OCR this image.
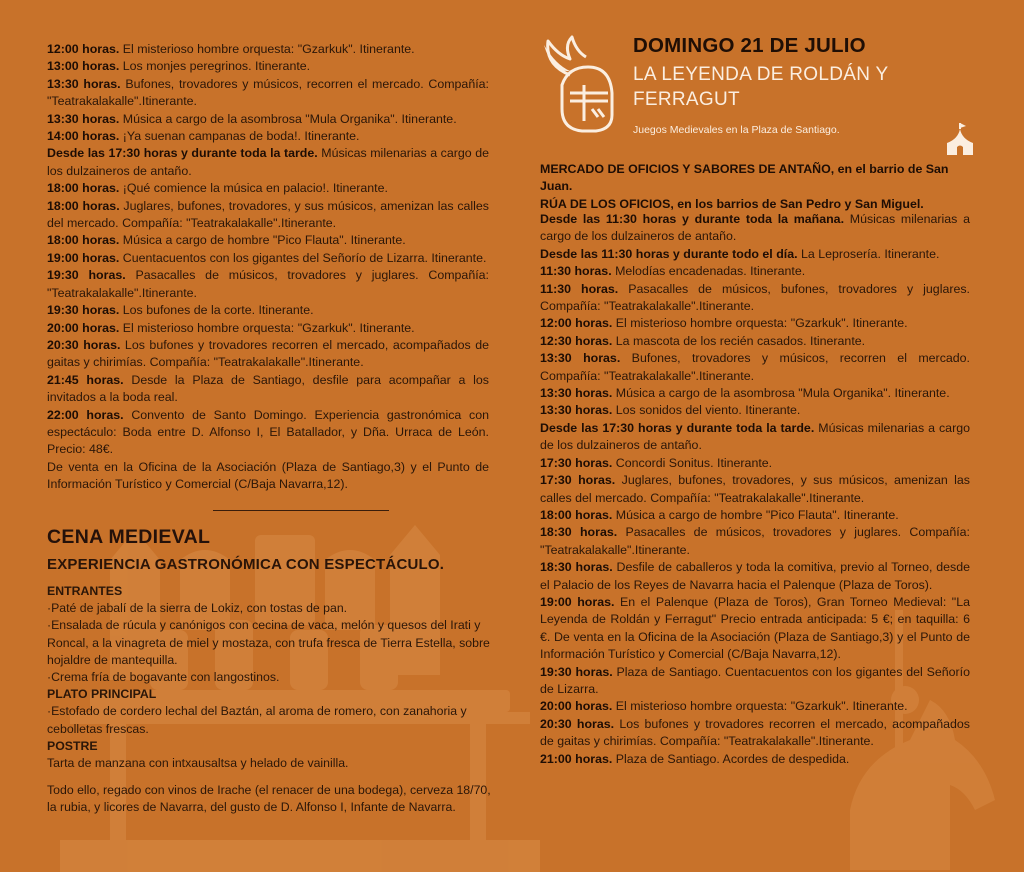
12:00 horas. El misterioso hombre orquesta: "Gzarkuk". Itinerante.

13:00 horas. Los monjes peregrinos. Itinerante.

13:30 horas. Bufones, trovadores y músicos, recorren el mercado. Compañía: "Teatrakalakalle".Itinerante.

13:30 horas. Música a cargo de la asombrosa "Mula Organika". Itinerante.

14:00 horas. ¡Ya suenan campanas de boda!. Itinerante.

Desde las 17:30 horas y durante toda la tarde. Músicas milenarias a cargo de los dulzaineros de antaño.

18:00 horas. ¡Qué comience la música en palacio!. Itinerante.

18:00 horas. Juglares, bufones, trovadores, y sus músicos, amenizan las calles del mercado. Compañía: "Teatrakalakalle".Itinerante.

18:00 horas. Música a cargo de hombre "Pico Flauta". Itinerante.

19:00 horas. Cuentacuentos con los gigantes del Señorío de Lizarra. Itinerante.

19:30 horas. Pasacalles de músicos, trovadores y juglares. Compañía: "Teatrakalakalle".Itinerante.

19:30 horas. Los bufones de la corte. Itinerante.

20:00 horas. El misterioso hombre orquesta: "Gzarkuk". Itinerante.

20:30 horas. Los bufones y trovadores recorren el mercado, acompañados de gaitas y chirimías. Compañía: "Teatrakalakalle".Itinerante.

21:45 horas. Desde la Plaza de Santiago, desfile para acompañar a los invitados a la boda real.

22:00 horas. Convento de Santo Domingo. Experiencia gastronómica con espectáculo: Boda entre D. Alfonso I, El Batallador, y Dña. Urraca de León. Precio: 48€.

De venta en la Oficina de la Asociación (Plaza de Santiago,3) y el Punto de Información Turístico y Comercial (C/Baja Navarra,12).

CENA MEDIEVAL
EXPERIENCIA GASTRONÓMICA CON ESPECTÁCULO.

ENTRANTES

·Paté de jabalí de la sierra de Lokiz, con tostas de pan.

·Ensalada de rúcula y canónigos con cecina de vaca, melón y quesos del Irati y Roncal, a la vinagreta de miel y mostaza, con trufa fresca de Tierra Estella, sobre hojaldre de mantequilla.

·Crema fría de bogavante con langostinos.

PLATO PRINCIPAL

·Estofado de cordero lechal del Baztán, al aroma de romero, con zanahoria y cebolletas frescas.

POSTRE

Tarta de manzana con intxausaltsa y helado de vainilla.

Todo ello, regado con vinos de Irache (el renacer de una bodega), cerveza 18/70, la rubia, y licores de Navarra, del gusto de D. Alfonso I, Infante de Navarra.

DOMINGO 21 DE JULIO

LA LEYENDA DE ROLDÁN Y FERRAGUT

Juegos Medievales en la Plaza de Santiago.

MERCADO DE OFICIOS Y SABORES DE ANTAÑO, en el barrio de San Juan.

RÚA DE LOS OFICIOS, en los barrios de San Pedro y San Miguel.

Desde las 11:30 horas y durante toda la mañana. Músicas milenarias a cargo de los dulzaineros de antaño.

Desde las 11:30 horas y durante todo el día. La Leprosería. Itinerante.

11:30 horas. Melodías encadenadas. Itinerante.

11:30 horas. Pasacalles de músicos, bufones, trovadores y juglares. Compañía: "Teatrakalakalle".Itinerante.

12:00 horas. El misterioso hombre orquesta: "Gzarkuk". Itinerante.

12:30 horas. La mascota de los recién casados. Itinerante.

13:30 horas. Bufones, trovadores y músicos, recorren el mercado. Compañía: "Teatrakalakalle".Itinerante.

13:30 horas. Música a cargo de la asombrosa "Mula Organika". Itinerante.

13:30 horas. Los sonidos del viento. Itinerante.

Desde las 17:30 horas y durante toda la tarde. Músicas milenarias a cargo de los dulzaineros de antaño.

17:30 horas. Concordi Sonitus. Itinerante.

17:30 horas. Juglares, bufones, trovadores, y sus músicos, amenizan las calles del mercado. Compañía: "Teatrakalakalle".Itinerante.

18:00 horas. Música a cargo de hombre "Pico Flauta". Itinerante.

18:30 horas. Pasacalles de músicos, trovadores y juglares. Compañía: "Teatrakalakalle".Itinerante.

18:30 horas. Desfile de caballeros y toda la comitiva, previo al Torneo, desde el Palacio de los Reyes de Navarra hacia el Palenque (Plaza de Toros).

19:00 horas. En el Palenque (Plaza de Toros), Gran Torneo Medieval: "La Leyenda de Roldán y Ferragut" Precio entrada anticipada: 5 €; en taquilla: 6 €. De venta en la Oficina de la Asociación (Plaza de Santiago,3) y el Punto de Información Turístico y Comercial (C/Baja Navarra,12).

19:30 horas. Plaza de Santiago. Cuentacuentos con los gigantes del Señorío de Lizarra.

20:00 horas. El misterioso hombre orquesta: "Gzarkuk". Itinerante.

20:30 horas. Los bufones y trovadores recorren el mercado, acompañados de gaitas y chirimías. Compañía: "Teatrakalakalle".Itinerante.

21:00 horas. Plaza de Santiago. Acordes de despedida.
